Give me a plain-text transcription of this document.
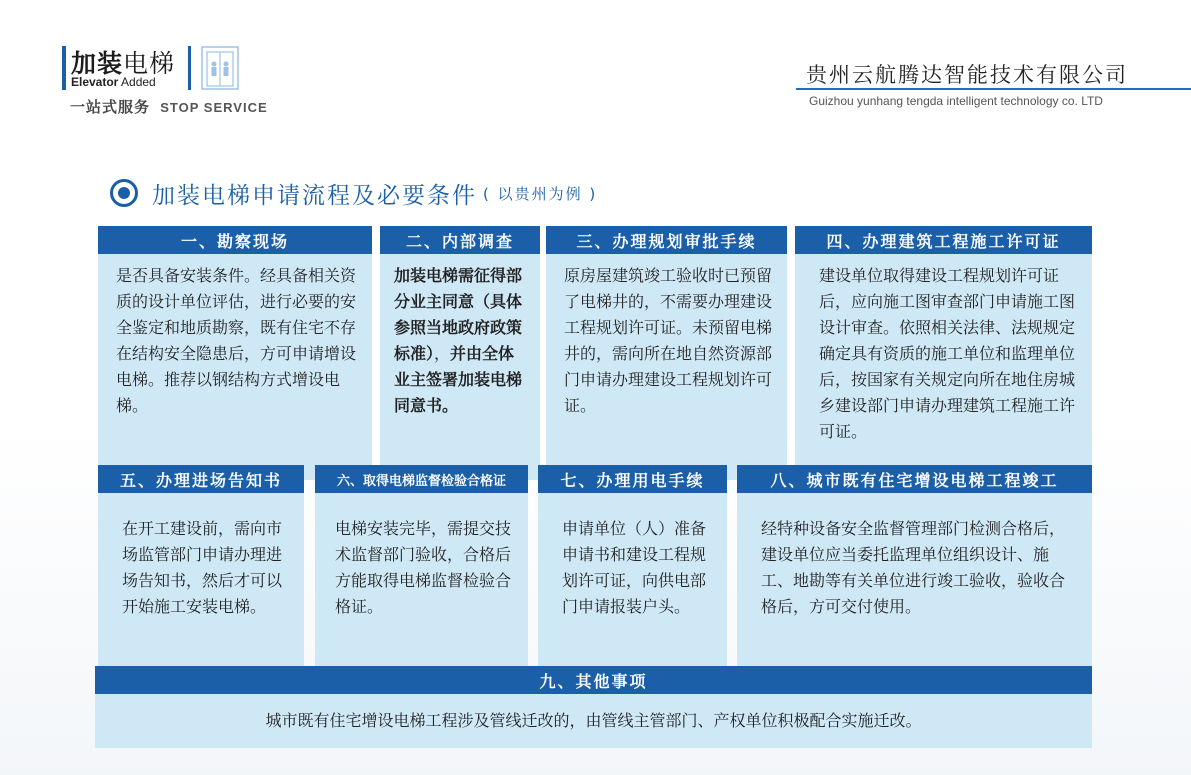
加装电梯
Elevator Added
一站式服务 STOP SERVICE
贵州云航腾达智能技术有限公司
Guizhou yunhang tengda intelligent technology co. LTD
加装电梯申请流程及必要条件 ( 以贵州为例 )
一、勘察现场
是否具备安装条件。经具备相关资质的设计单位评估，进行必要的安全鉴定和地质勘察，既有住宅不存在结构安全隐患后，方可申请增设电梯。推荐以钢结构方式增设电梯。
二、内部调查
加装电梯需征得部分业主同意（具体参照当地政府政策标准），并由全体业主签署加装电梯同意书。
三、办理规划审批手续
原房屋建筑竣工验收时已预留了电梯井的，不需要办理建设工程规划许可证。未预留电梯井的，需向所在地自然资源部门申请办理建设工程规划许可证。
四、办理建筑工程施工许可证
建设单位取得建设工程规划许可证后，应向施工图审查部门申请施工图设计审查。依照相关法律、法规规定确定具有资质的施工单位和监理单位后，按国家有关规定向所在地住房城乡建设部门申请办理建筑工程施工许可证。
五、办理进场告知书
在开工建设前，需向市场监管部门申请办理进场告知书，然后才可以开始施工安装电梯。
六、取得电梯监督检验合格证
电梯安装完毕，需提交技术监督部门验收，合格后方能取得电梯监督检验合格证。
七、办理用电手续
申请单位（人）准备申请书和建设工程规划许可证，向供电部门申请报装户头。
八、城市既有住宅增设电梯工程竣工
经特种设备安全监督管理部门检测合格后，建设单位应当委托监理单位组织设计、施工、地勘等有关单位进行竣工验收，验收合格后，方可交付使用。
九、其他事项
城市既有住宅增设电梯工程涉及管线迁改的，由管线主管部门、产权单位积极配合实施迁改。
